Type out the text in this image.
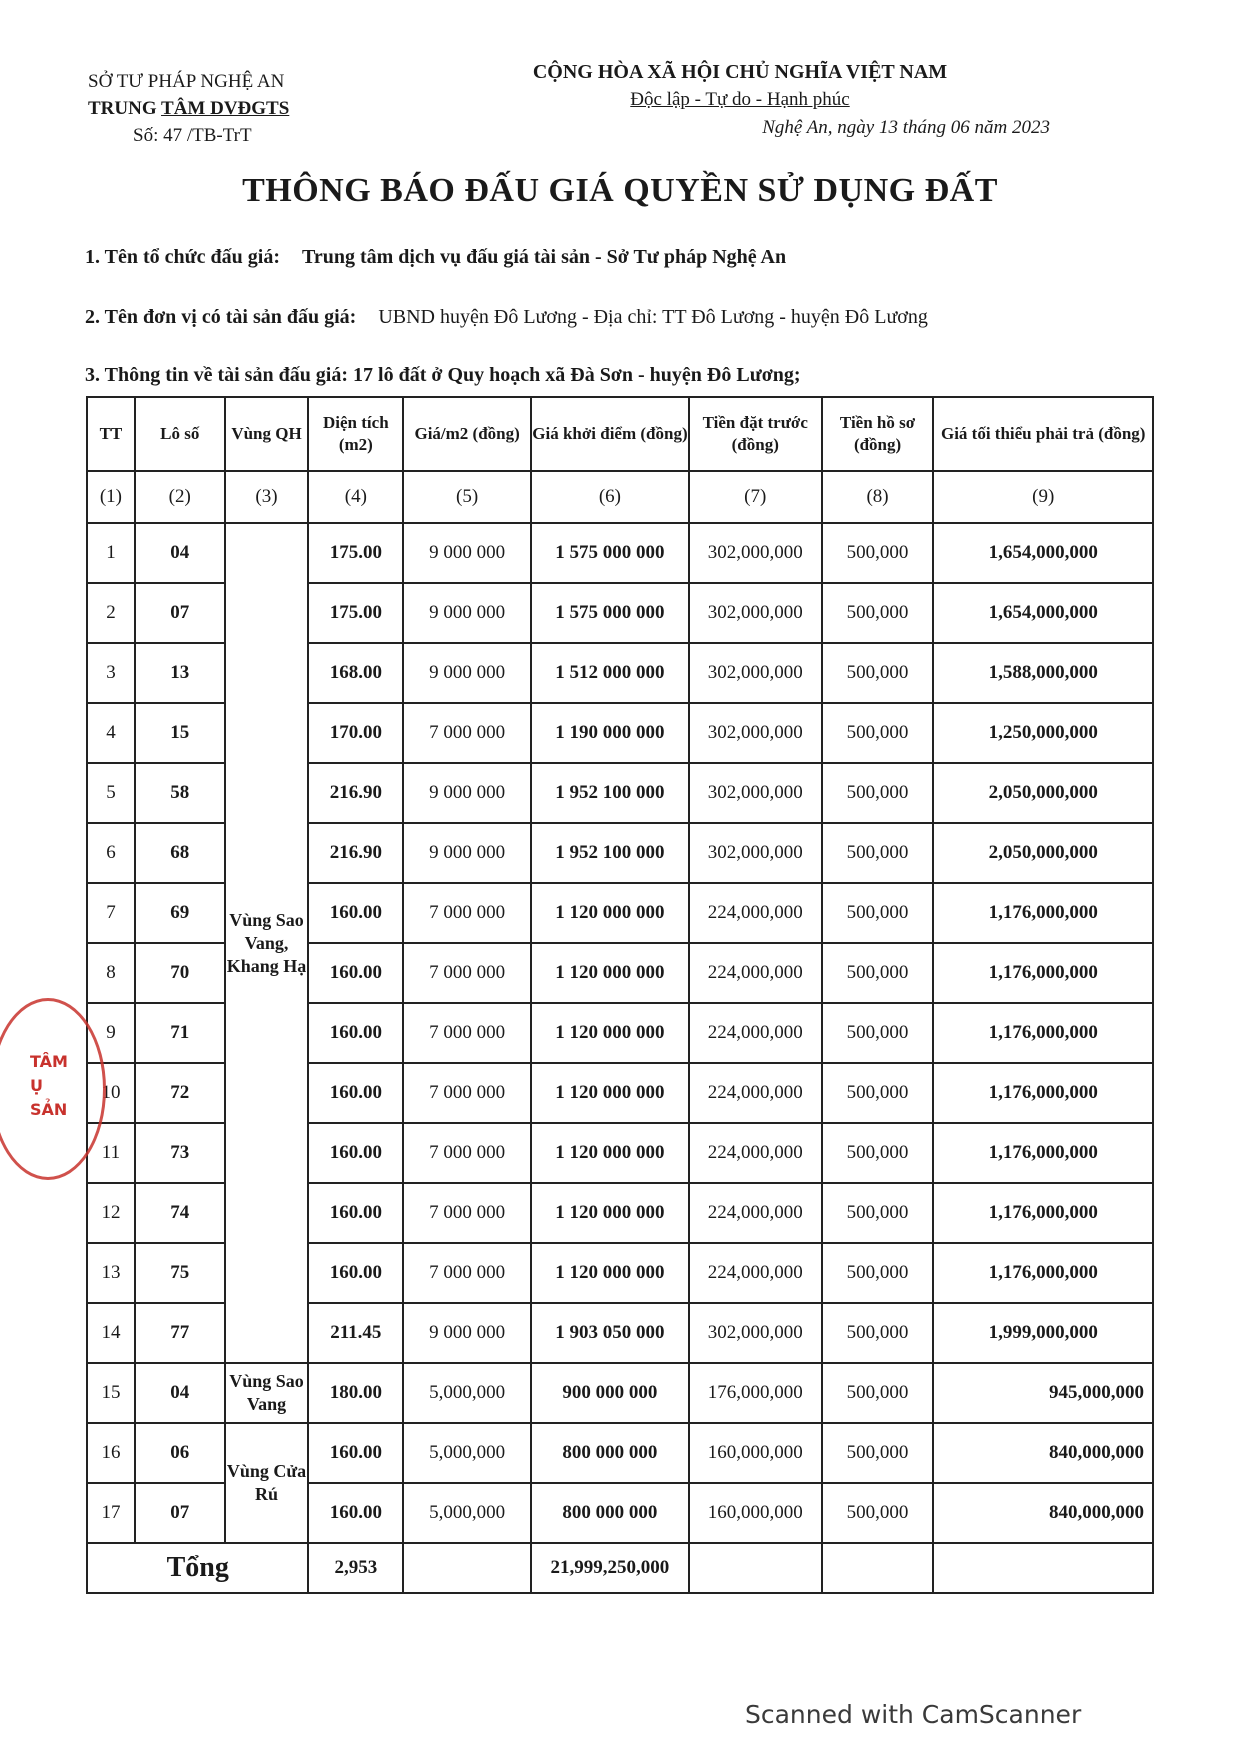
SỞ TƯ PHÁP NGHỆ AN
TRUNG TÂM DVĐGTS
Số: 47 /TB-TrT
CỘNG HÒA XÃ HỘI CHỦ NGHĨA VIỆT NAM
Độc lập - Tự do - Hạnh phúc
Nghệ An, ngày 13 tháng 06 năm 2023
THÔNG BÁO ĐẤU GIÁ QUYỀN SỬ DỤNG ĐẤT
1. Tên tổ chức đấu giá: Trung tâm dịch vụ đấu giá tài sản - Sở Tư pháp Nghệ An
2. Tên đơn vị có tài sản đấu giá: UBND huyện Đô Lương - Địa chỉ: TT Đô Lương - huyện Đô Lương
3. Thông tin về tài sản đấu giá: 17 lô đất ở Quy hoạch xã Đà Sơn - huyện Đô Lương;
TT	Lô số	Vùng QH	Diện tích (m2)	Giá/m2 (đồng)	Giá khởi điểm (đồng)	Tiền đặt trước (đồng)	Tiền hồ sơ (đồng)	Giá tối thiểu phải trả (đồng)
(1)	(2)	(3)	(4)	(5)	(6)	(7)	(8)	(9)
1	04	Vùng Sao Vang, Khang Hạ	175.00	9 000 000	1 575 000 000	302,000,000	500,000	1,654,000,000
2	07		175.00	9 000 000	1 575 000 000	302,000,000	500,000	1,654,000,000
3	13		168.00	9 000 000	1 512 000 000	302,000,000	500,000	1,588,000,000
4	15		170.00	7 000 000	1 190 000 000	302,000,000	500,000	1,250,000,000
5	58		216.90	9 000 000	1 952 100 000	302,000,000	500,000	2,050,000,000
6	68		216.90	9 000 000	1 952 100 000	302,000,000	500,000	2,050,000,000
7	69		160.00	7 000 000	1 120 000 000	224,000,000	500,000	1,176,000,000
8	70		160.00	7 000 000	1 120 000 000	224,000,000	500,000	1,176,000,000
9	71		160.00	7 000 000	1 120 000 000	224,000,000	500,000	1,176,000,000
10	72		160.00	7 000 000	1 120 000 000	224,000,000	500,000	1,176,000,000
11	73		160.00	7 000 000	1 120 000 000	224,000,000	500,000	1,176,000,000
12	74		160.00	7 000 000	1 120 000 000	224,000,000	500,000	1,176,000,000
13	75		160.00	7 000 000	1 120 000 000	224,000,000	500,000	1,176,000,000
14	77		211.45	9 000 000	1 903 050 000	302,000,000	500,000	1,999,000,000
15	04	Vùng Sao Vang	180.00	5,000,000	900 000 000	176,000,000	500,000	945,000,000
16	06	Vùng Cửa Rú	160.00	5,000,000	800 000 000	160,000,000	500,000	840,000,000
17	07		160.00	5,000,000	800 000 000	160,000,000	500,000	840,000,000
Tổng			2,953		21,999,250,000			
Scanned with CamScanner
TÂM
Ụ
SẢN
